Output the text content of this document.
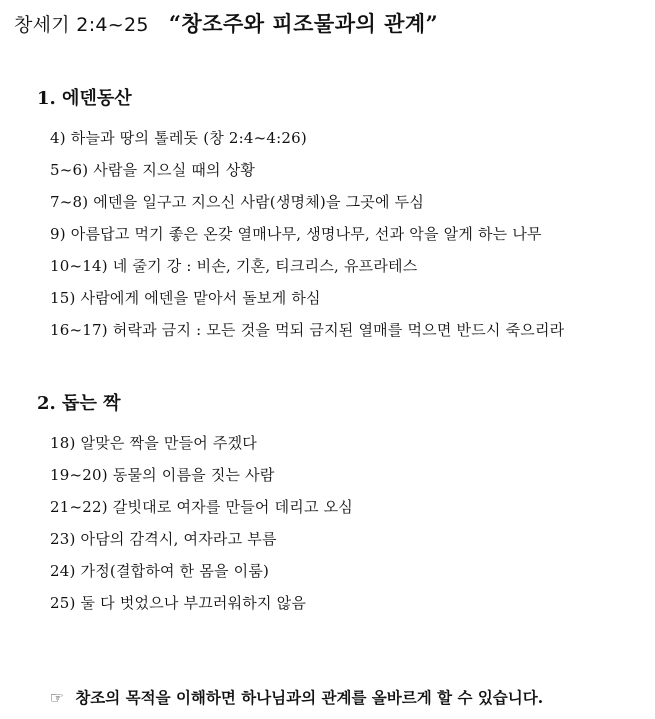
창세기 2:4~25 “창조주와 피조물과의 관계”
1. 에덴동산
4) 하늘과 땅의 톨레돗 (창 2:4~4:26)
5~6) 사람을 지으실 때의 상황
7~8) 에덴을 일구고 지으신 사람(생명체)을 그곳에 두심
9) 아름답고 먹기 좋은 온갖 열매나무, 생명나무, 선과 악을 알게 하는 나무
10~14) 네 줄기 강 : 비손, 기혼, 티크리스, 유프라테스
15) 사람에게 에덴을 맡아서 돌보게 하심
16~17) 허락과 금지 : 모든 것을 먹되 금지된 열매를 먹으면 반드시 죽으리라
2. 돕는 짝
18) 알맞은 짝을 만들어 주겠다
19~20) 동물의 이름을 짓는 사람
21~22) 갈빗대로 여자를 만들어 데리고 오심
23) 아담의 감격시, 여자라고 부름
24) 가정(결합하여 한 몸을 이룸)
25) 둘 다 벗었으나 부끄러워하지 않음
☞ 창조의 목적을 이해하면 하나님과의 관계를 올바르게 할 수 있습니다.
